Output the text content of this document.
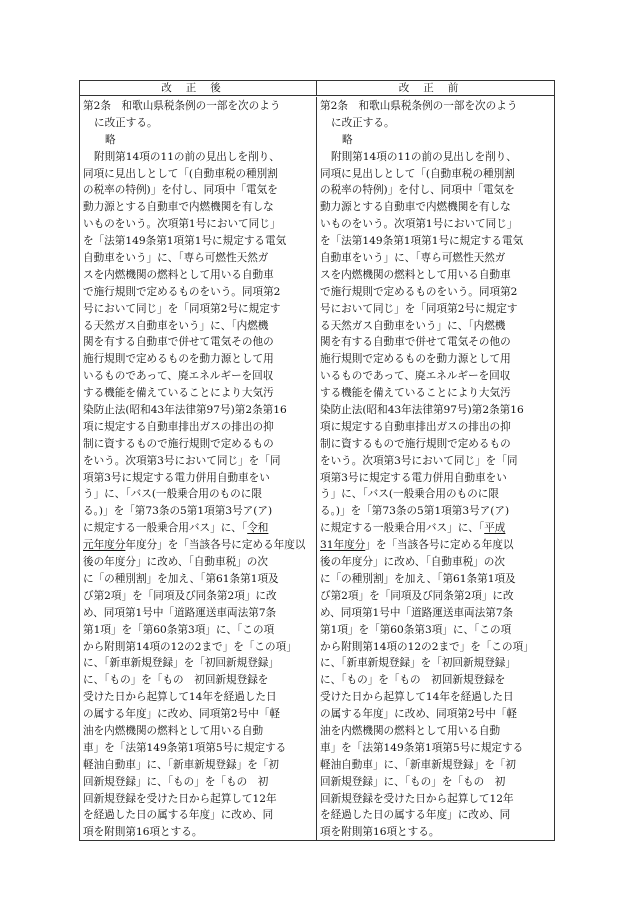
改正後	改正前
第2条　和歌山県税条例の一部を次のよう
に改正する。
略
附則第14項の11の前の見出しを削り、
同項に見出しとして「(自動車税の種別割
の税率の特例)」を付し、同項中「電気を
動力源とする自動車で内燃機関を有しな
いものをいう。次項第1号において同じ」
を「法第149条第1項第1号に規定する電気
自動車をいう」に、「専ら可燃性天然ガ
スを内燃機関の燃料として用いる自動車
で施行規則で定めるものをいう。同項第2
号において同じ」を「同項第2号に規定す
る天然ガス自動車をいう」に、「内燃機
関を有する自動車で併せて電気その他の
施行規則で定めるものを動力源として用
いるものであって、廃エネルギーを回収
する機能を備えていることにより大気汚
染防止法(昭和43年法律第97号)第2条第16
項に規定する自動車排出ガスの排出の抑
制に資するもので施行規則で定めるもの
をいう。次項第3号において同じ」を「同
項第3号に規定する電力併用自動車をい
う」に、「バス(一般乗合用のものに限
る。)」を「第73条の5第1項第3号ア(ア)
に規定する一般乗合用バス」に、「令和
元年度分年度分」を「当該各号に定める年度以
後の年度分」に改め、「自動車税」の次
に「の種別割」を加え、「第61条第1項及
び第2項」を「同項及び同条第2項」に改
め、同項第1号中「道路運送車両法第7条
第1項」を「第60条第3項」に、「この項
から附則第14項の12の2まで」を「この項」
に、「新車新規登録」を「初回新規登録」
に、「もの」を「もの　初回新規登録を
受けた日から起算して14年を経過した日
の属する年度」に改め、同項第2号中「軽
油を内燃機関の燃料として用いる自動
車」を「法第149条第1項第5号に規定する
軽油自動車」に、「新車新規登録」を「初
回新規登録」に、「もの」を「もの　初
回新規登録を受けた日から起算して12年
を経過した日の属する年度」に改め、同
項を附則第16項とする。
第2条　和歌山県税条例の一部を次のよう
に改正する。
略
附則第14項の11の前の見出しを削り、
同項に見出しとして「(自動車税の種別割
の税率の特例)」を付し、同項中「電気を
動力源とする自動車で内燃機関を有しな
いものをいう。次項第1号において同じ」
を「法第149条第1項第1号に規定する電気
自動車をいう」に、「専ら可燃性天然ガ
スを内燃機関の燃料として用いる自動車
で施行規則で定めるものをいう。同項第2
号において同じ」を「同項第2号に規定す
る天然ガス自動車をいう」に、「内燃機
関を有する自動車で併せて電気その他の
施行規則で定めるものを動力源として用
いるものであって、廃エネルギーを回収
する機能を備えていることにより大気汚
染防止法(昭和43年法律第97号)第2条第16
項に規定する自動車排出ガスの排出の抑
制に資するもので施行規則で定めるもの
をいう。次項第3号において同じ」を「同
項第3号に規定する電力併用自動車をい
う」に、「バス(一般乗合用のものに限
る。)」を「第73条の5第1項第3号ア(ア)
に規定する一般乗合用バス」に、「平成
31年度分」を「当該各号に定める年度以
後の年度分」に改め、「自動車税」の次
に「の種別割」を加え、「第61条第1項及
び第2項」を「同項及び同条第2項」に改
め、同項第1号中「道路運送車両法第7条
第1項」を「第60条第3項」に、「この項
から附則第14項の12の2まで」を「この項」
に、「新車新規登録」を「初回新規登録」
に、「もの」を「もの　初回新規登録を
受けた日から起算して14年を経過した日
の属する年度」に改め、同項第2号中「軽
油を内燃機関の燃料として用いる自動
車」を「法第149条第1項第5号に規定する
軽油自動車」に、「新車新規登録」を「初
回新規登録」に、「もの」を「もの　初
回新規登録を受けた日から起算して12年
を経過した日の属する年度」に改め、同
項を附則第16項とする。
